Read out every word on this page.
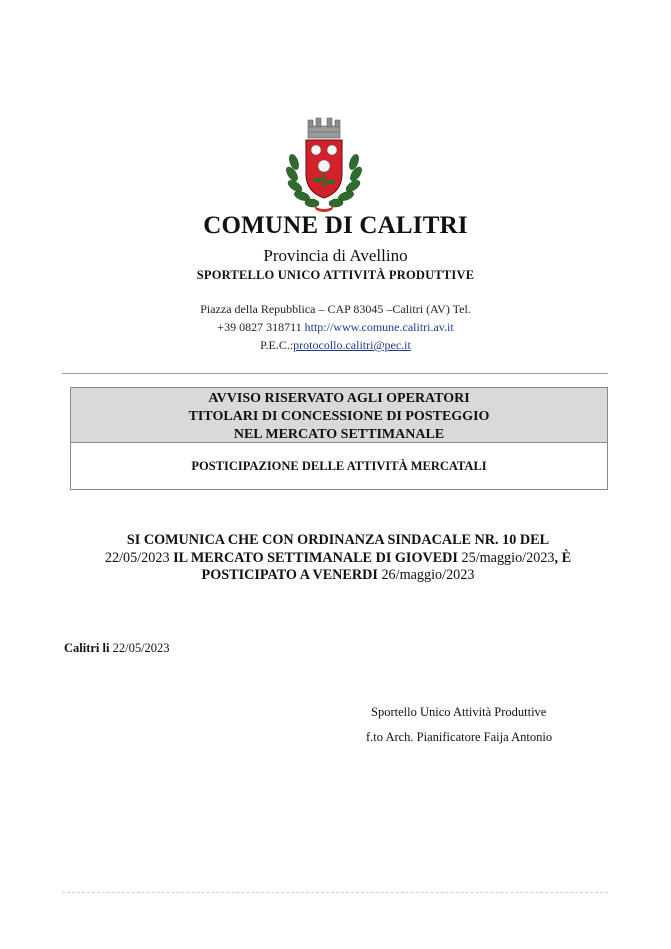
COMUNE DI CALITRI
Provincia di Avellino
SPORTELLO UNICO ATTIVITÀ PRODUTTIVE
Piazza della Repubblica – CAP 83045 –Calitri (AV) Tel.
+39 0827 318711 http://www.comune.calitri.av.it
P.E.C.:protocollo.calitri@pec.it
AVVISO RISERVATO AGLI OPERATORI
TITOLARI DI CONCESSIONE DI POSTEGGIO
NEL MERCATO SETTIMANALE
POSTICIPAZIONE DELLE ATTIVITÀ MERCATALI
SI COMUNICA CHE CON ORDINANZA SINDACALE NR. 10 DEL
22/05/2023 IL MERCATO SETTIMANALE DI GIOVEDI 25/maggio/2023, È
POSTICIPATO A VENERDI 26/maggio/2023
Calitri li 22/05/2023
Sportello Unico Attività Produttive
f.to Arch. Pianificatore Faija Antonio
